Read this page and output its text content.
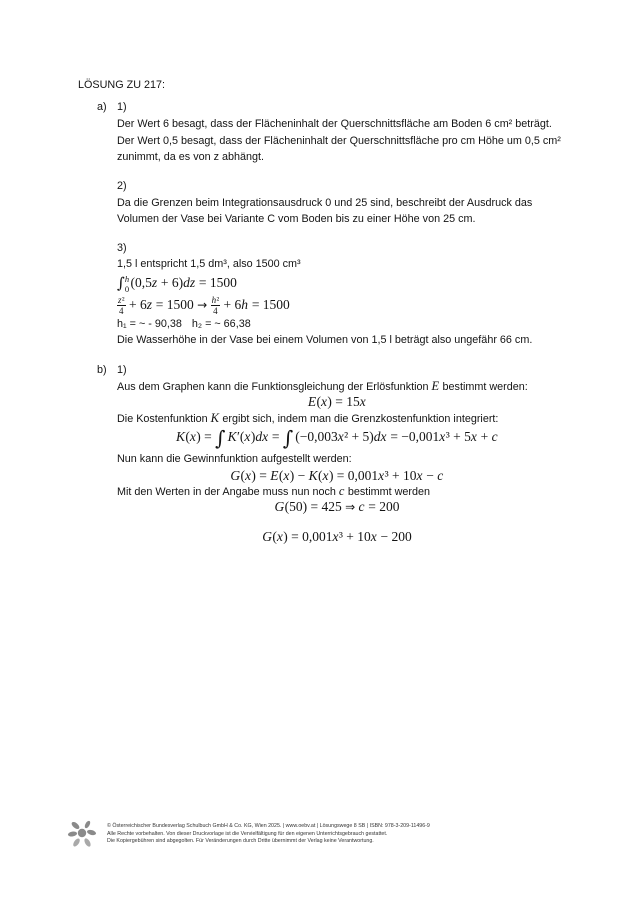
LÖSUNG ZU 217:
a) 1)
Der Wert 6 besagt, dass der Flächeninhalt der Querschnittsfläche am Boden 6 cm² beträgt.
Der Wert 0,5 besagt, dass der Flächeninhalt der Querschnittsfläche pro cm Höhe um 0,5 cm²
zunimmt, da es von z abhängt.
2)
Da die Grenzen beim Integrationsausdruck 0 und 25 sind, beschreibt der Ausdruck das
Volumen der Vase bei Variante C vom Boden bis zu einer Höhe von 25 cm.
3)
1,5 l entspricht 1,5 dm³, also 1500 cm³
∫ h
0 (0,5z + 6)dz = 1500
$\frac{\text{z²}}{4} + 6z = 1500 \to \frac{\text{h²}}{4} + 6h = 1500$
h₁ = ~ - 90,38 h₂ = ~ 66,38
Die Wasserhöhe in der Vase bei einem Volumen von 1,5 l beträgt also ungefähr 66 cm.
b) 1)
Aus dem Graphen kann die Funktionsgleichung der Erlösfunktion E bestimmt werden:
E(x) = 15x
Die Kostenfunktion K ergibt sich, indem man die Grenzkostenfunktion integriert:
K(x) = ∫ K′(x)dx = ∫ (−0,003x² + 5)dx = −0,001x³ + 5x + c
Nun kann die Gewinnfunktion aufgestellt werden:
G(x) = E(x) − K(x) = 0,001x³ + 10x − c
Mit den Werten in der Angabe muss nun noch c bestimmt werden
G(50) = 425 ⇒ c = 200
G(x) = 0,001x³ + 10x − 200
© Österreichischer Bundesverlag Schulbuch GmbH & Co. KG, Wien 2025. | www.oebv.at | Lösungswege 8 SB | ISBN: 978-3-209-11496-9
Alle Rechte vorbehalten. Von dieser Druckvorlage ist die Vervielfältigung für den eigenen Unterrichtsgebrauch gestattet.
Die Kopiergebühren sind abgegolten. Für Veränderungen durch Dritte übernimmt der Verlag keine Verantwortung.
